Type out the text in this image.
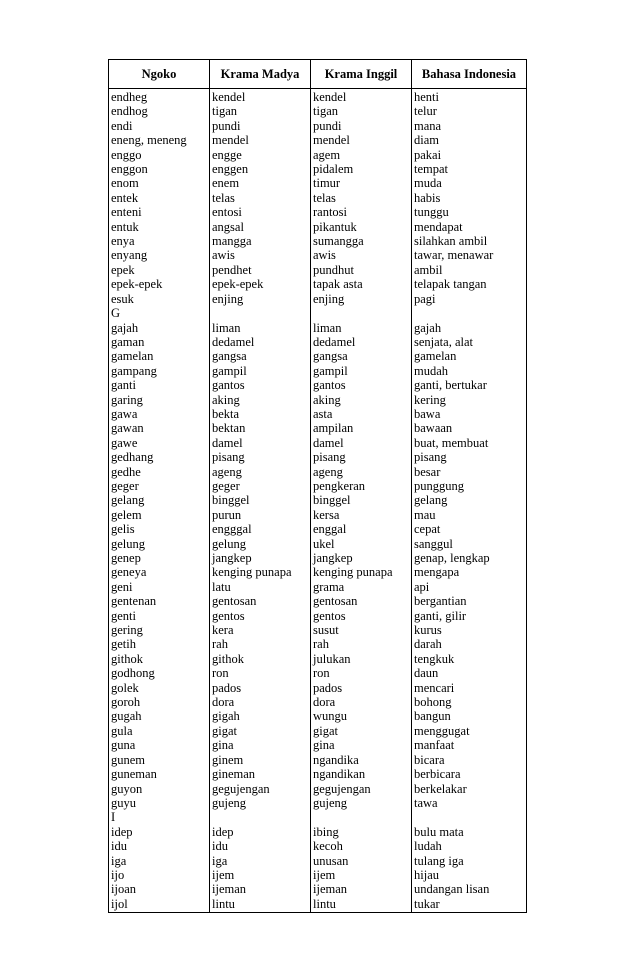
Ngoko	Krama Madya	Krama Inggil	Bahasa Indonesia
endheg	kendel	kendel	henti
endhog	tigan	tigan	telur
endi	pundi	pundi	mana
eneng, meneng	mendel	mendel	diam
enggo	engge	agem	pakai
enggon	enggen	pidalem	tempat
enom	enem	timur	muda
entek	telas	telas	habis
enteni	entosi	rantosi	tunggu
entuk	angsal	pikantuk	mendapat
enya	mangga	sumangga	silahkan ambil
enyang	awis	awis	tawar, menawar
epek	pendhet	pundhut	ambil
epek-epek	epek-epek	tapak asta	telapak tangan
esuk	enjing	enjing	pagi
G			
gajah	liman	liman	gajah
gaman	dedamel	dedamel	senjata, alat
gamelan	gangsa	gangsa	gamelan
gampang	gampil	gampil	mudah
ganti	gantos	gantos	ganti, bertukar
garing	aking	aking	kering
gawa	bekta	asta	bawa
gawan	bektan	ampilan	bawaan
gawe	damel	damel	buat, membuat
gedhang	pisang	pisang	pisang
gedhe	ageng	ageng	besar
geger	geger	pengkeran	punggung
gelang	binggel	binggel	gelang
gelem	purun	kersa	mau
gelis	engggal	enggal	cepat
gelung	gelung	ukel	sanggul
genep	jangkep	jangkep	genap, lengkap
geneya	kenging punapa	kenging punapa	mengapa
geni	latu	grama	api
gentenan	gentosan	gentosan	bergantian
genti	gentos	gentos	ganti, gilir
gering	kera	susut	kurus
getih	rah	rah	darah
githok	githok	julukan	tengkuk
godhong	ron	ron	daun
golek	pados	pados	mencari
goroh	dora	dora	bohong
gugah	gigah	wungu	bangun
gula	gigat	gigat	menggugat
guna	gina	gina	manfaat
gunem	ginem	ngandika	bicara
guneman	gineman	ngandikan	berbicara
guyon	gegujengan	gegujengan	berkelakar
guyu	gujeng	gujeng	tawa
I			
idep	idep	ibing	bulu mata
idu	idu	kecoh	ludah
iga	iga	unusan	tulang iga
ijo	ijem	ijem	hijau
ijoan	ijeman	ijeman	undangan lisan
ijol	lintu	lintu	tukar
